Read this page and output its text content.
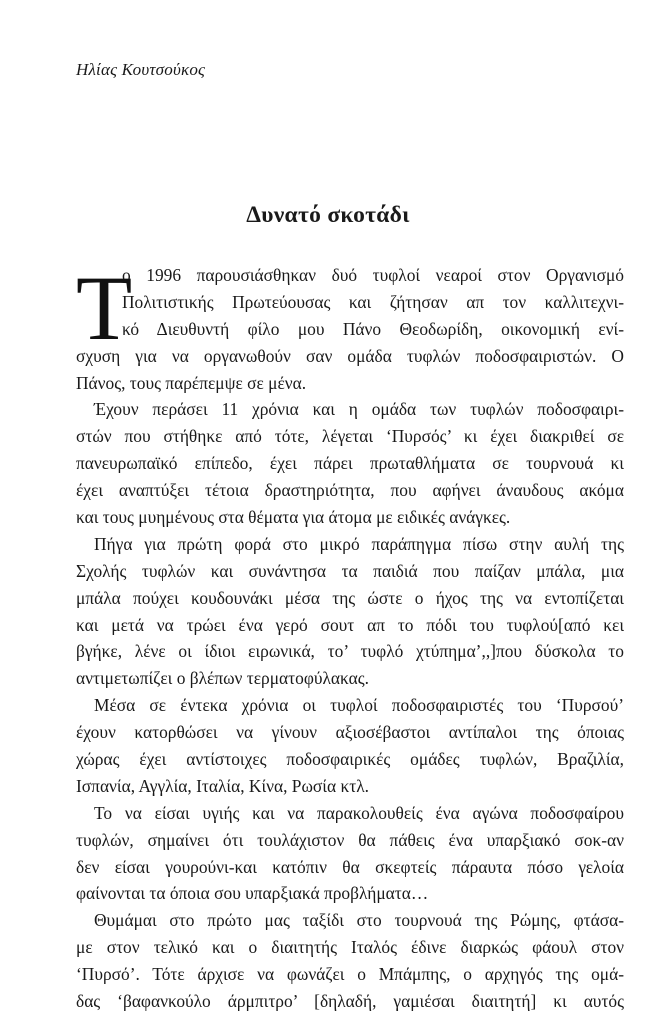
Ηλίας Κουτσούκος
Δυνατό σκοτάδι
Τ
ο 1996 παρουσιάσθηκαν δυό τυφλοί νεαροί στον Οργανισμό
Πολιτιστικής Πρωτεύουσας και ζήτησαν απ τον καλλιτεχνι-
κό Διευθυντή φίλο μου Πάνο Θεοδωρίδη, οικονομική ενί-
σχυση για να οργανωθούν σαν ομάδα τυφλών ποδοσφαιριστών. Ο
Πάνος, τους παρέπεμψε σε μένα.
Έχουν περάσει 11 χρόνια και η ομάδα των τυφλών ποδοσφαιρι-
στών που στήθηκε από τότε, λέγεται ‘Πυρσός’ κι έχει διακριθεί σε
πανευρωπαϊκό επίπεδο, έχει πάρει πρωταθλήματα σε τουρνουά κι
έχει αναπτύξει τέτοια δραστηριότητα, που αφήνει άναυδους ακόμα
και τους μυημένους στα θέματα για άτομα με ειδικές ανάγκες.
Πήγα για πρώτη φορά στο μικρό παράπηγμα πίσω στην αυλή της
Σχολής τυφλών και συνάντησα τα παιδιά που παίζαν μπάλα, μια
μπάλα πούχει κουδουνάκι μέσα της ώστε ο ήχος της να εντοπίζεται
και μετά να τρώει ένα γερό σουτ απ το πόδι του τυφλού[από κει
βγήκε, λένε οι ίδιοι ειρωνικά, το’ τυφλό χτύπημα’,,]που δύσκολα το
αντιμετωπίζει ο βλέπων τερματοφύλακας.
Μέσα σε έντεκα χρόνια οι τυφλοί ποδοσφαιριστές του ‘Πυρσού’
έχουν κατορθώσει να γίνουν αξιοσέβαστοι αντίπαλοι της όποιας
χώρας έχει αντίστοιχες ποδοσφαιρικές ομάδες τυφλών, Βραζιλία,
Ισπανία, Αγγλία, Ιταλία, Κίνα, Ρωσία κτλ.
Το να είσαι υγιής και να παρακολουθείς ένα αγώνα ποδοσφαίρου
τυφλών, σημαίνει ότι τουλάχιστον θα πάθεις ένα υπαρξιακό σοκ-αν
δεν είσαι γουρούνι-και κατόπιν θα σκεφτείς πάραυτα πόσο γελοία
φαίνονται τα όποια σου υπαρξιακά προβλήματα…
Θυμάμαι στο πρώτο μας ταξίδι στο τουρνουά της Ρώμης, φτάσα-
με στον τελικό και ο διαιτητής Ιταλός έδινε διαρκώς φάουλ στον
‘Πυρσό’. Τότε άρχισε να φωνάζει ο Μπάμπης, ο αρχηγός της ομά-
δας ‘βαφανκούλο άρμπιτρο’ [δηλαδή, γαμιέσαι διαιτητή] κι αυτός
